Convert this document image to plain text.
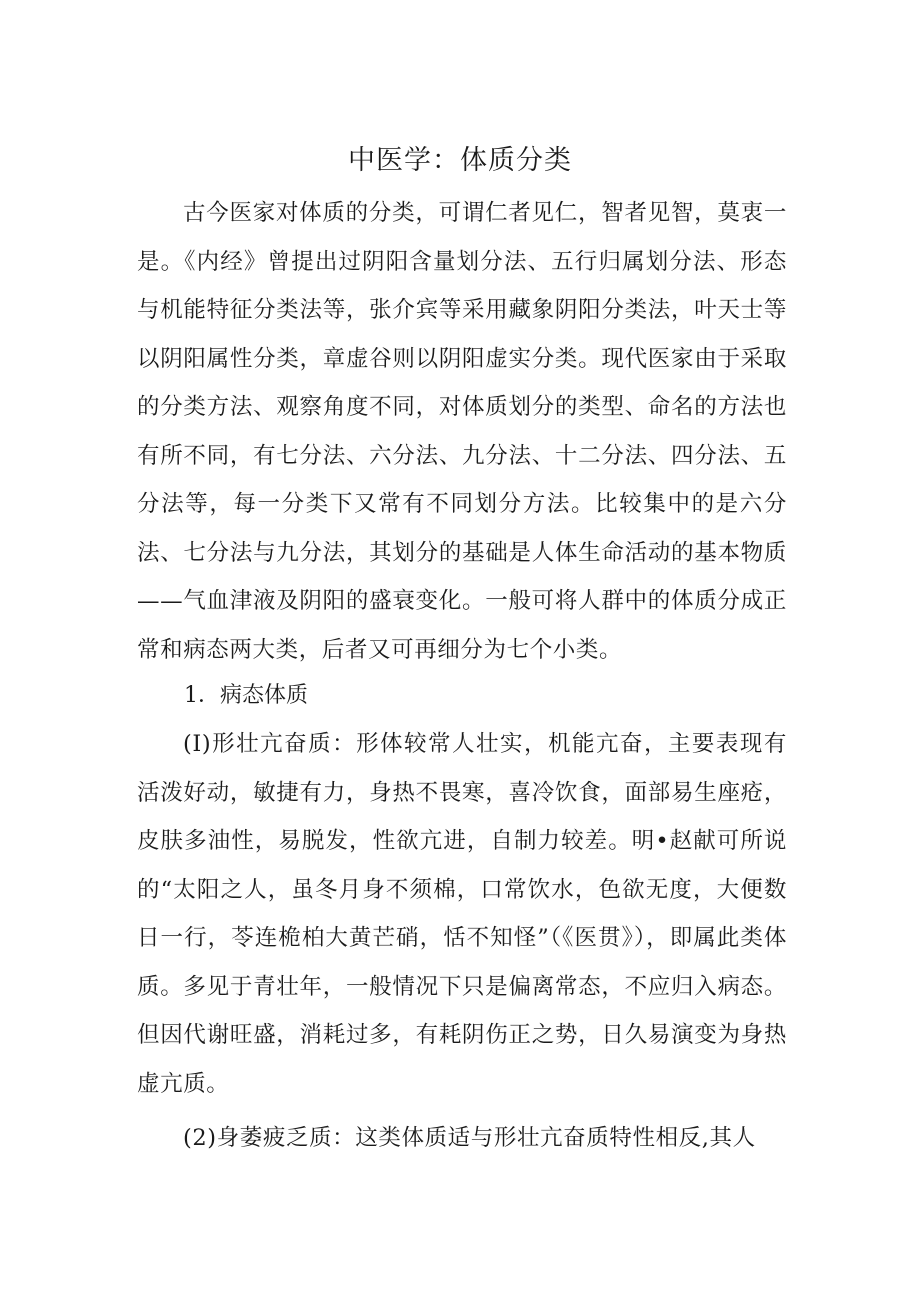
中医学：体质分类

古今医家对体质的分类，可谓仁者见仁，智者见智，莫衷一是。《内经》曾提出过阴阳含量划分法、五行归属划分法、形态与机能特征分类法等，张介宾等采用藏象阴阳分类法，叶天士等以阴阳属性分类，章虚谷则以阴阳虚实分类。现代医家由于采取的分类方法、观察角度不同，对体质划分的类型、命名的方法也有所不同，有七分法、六分法、九分法、十二分法、四分法、五分法等，每一分类下又常有不同划分方法。比较集中的是六分法、七分法与九分法，其划分的基础是人体生命活动的基本物质——气血津液及阴阳的盛衰变化。一般可将人群中的体质分成正常和病态两大类，后者又可再细分为七个小类。

1．病态体质

(I)形壮亢奋质：形体较常人壮实，机能亢奋，主要表现有活泼好动，敏捷有力，身热不畏寒，喜冷饮食，面部易生座疮，皮肤多油性，易脱发，性欲亢进，自制力较差。明•赵献可所说的“太阳之人，虽冬月身不须棉，口常饮水，色欲无度，大便数日一行，苓连桅柏大黄芒硝，恬不知怪”（《医贯》），即属此类体质。多见于青壮年，一般情况下只是偏离常态，不应归入病态。但因代谢旺盛，消耗过多，有耗阴伤正之势，日久易演变为身热虚亢质。

(2)身萎疲乏质：这类体质适与形壮亢奋质特性相反,其人
